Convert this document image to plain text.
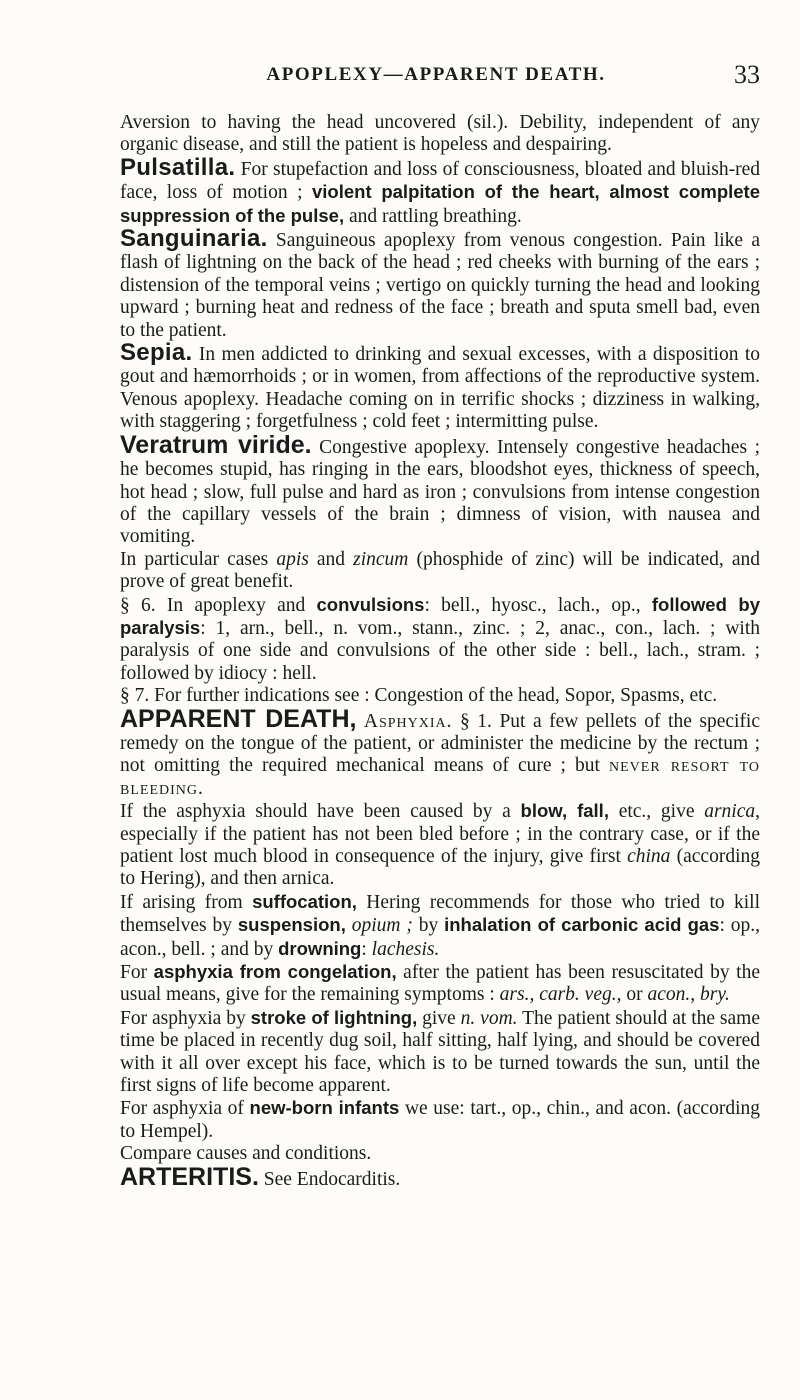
APOPLEXY—APPARENT DEATH.	33

Aversion to having the head uncovered (sil.). Debility, independent of any organic disease, and still the patient is hopeless and despairing.

Pulsatilla. For stupefaction and loss of consciousness, bloated and bluish-red face, loss of motion ; violent palpitation of the heart, almost complete suppression of the pulse, and rattling breathing.

Sanguinaria. Sanguineous apoplexy from venous congestion. Pain like a flash of lightning on the back of the head ; red cheeks with burning of the ears ; distension of the temporal veins ; vertigo on quickly turning the head and looking upward ; burning heat and redness of the face ; breath and sputa smell bad, even to the patient.

Sepia. In men addicted to drinking and sexual excesses, with a disposition to gout and hæmorrhoids ; or in women, from affections of the reproductive system. Venous apoplexy. Headache coming on in terrific shocks ; dizziness in walking, with staggering ; forgetfulness ; cold feet ; intermitting pulse.

Veratrum viride. Congestive apoplexy. Intensely congestive headaches ; he becomes stupid, has ringing in the ears, bloodshot eyes, thickness of speech, hot head ; slow, full pulse and hard as iron ; convulsions from intense congestion of the capillary vessels of the brain ; dimness of vision, with nausea and vomiting.

In particular cases apis and zincum (phosphide of zinc) will be indicated, and prove of great benefit.

§ 6. In apoplexy and convulsions: bell., hyosc., lach., op., followed by paralysis: 1, arn., bell., n. vom., stann., zinc. ; 2, anac., con., lach. ; with paralysis of one side and convulsions of the other side : bell., lach., stram. ; followed by idiocy : hell.

§ 7. For further indications see : Congestion of the head, Sopor, Spasms, etc.

APPARENT DEATH, Asphyxia. § 1. Put a few pellets of the specific remedy on the tongue of the patient, or administer the medicine by the rectum ; not omitting the required mechanical means of cure ; but never resort to bleeding.

If the asphyxia should have been caused by a blow, fall, etc., give arnica, especially if the patient has not been bled before ; in the contrary case, or if the patient lost much blood in consequence of the injury, give first china (according to Hering), and then arnica.

If arising from suffocation, Hering recommends for those who tried to kill themselves by suspension, opium ; by inhalation of carbonic acid gas: op., acon., bell. ; and by drowning: lachesis.

For asphyxia from congelation, after the patient has been resuscitated by the usual means, give for the remaining symptoms : ars., carb. veg., or acon., bry.

For asphyxia by stroke of lightning, give n. vom. The patient should at the same time be placed in recently dug soil, half sitting, half lying, and should be covered with it all over except his face, which is to be turned towards the sun, until the first signs of life become apparent.

For asphyxia of new-born infants we use: tart., op., chin., and acon. (according to Hempel).

Compare causes and conditions.

ARTERITIS. See Endocarditis.
